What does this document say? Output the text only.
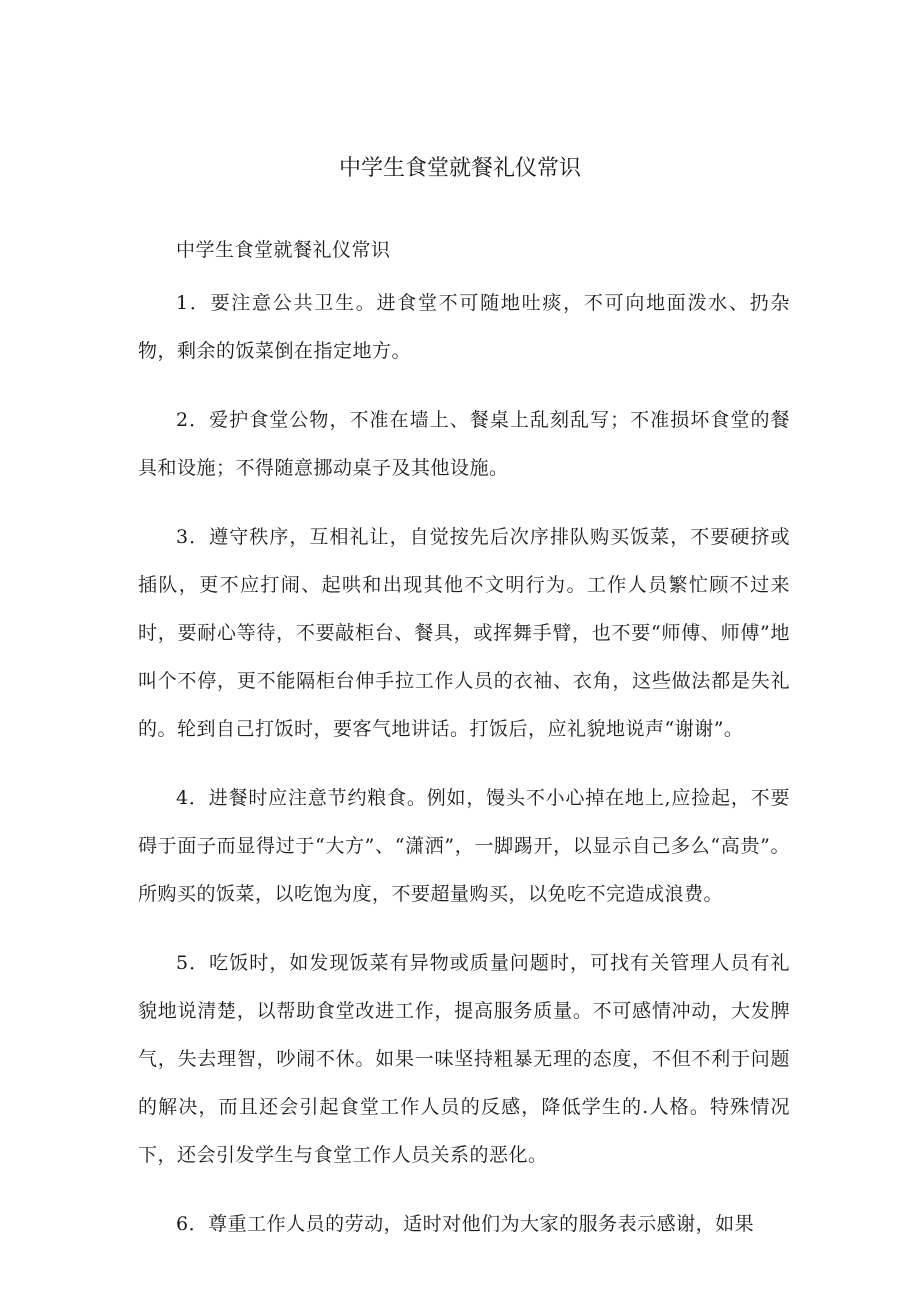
中学生食堂就餐礼仪常识

中学生食堂就餐礼仪常识

1．要注意公共卫生。进食堂不可随地吐痰，不可向地面泼水、扔杂物，剩余的饭菜倒在指定地方。

2．爱护食堂公物，不准在墙上、餐桌上乱刻乱写；不准损坏食堂的餐具和设施；不得随意挪动桌子及其他设施。

3．遵守秩序，互相礼让，自觉按先后次序排队购买饭菜，不要硬挤或插队，更不应打闹、起哄和出现其他不文明行为。工作人员繁忙顾不过来时，要耐心等待，不要敲柜台、餐具，或挥舞手臂，也不要“师傅、师傅”地叫个不停，更不能隔柜台伸手拉工作人员的衣袖、衣角，这些做法都是失礼的。轮到自己打饭时，要客气地讲话。打饭后，应礼貌地说声“谢谢”。

4．进餐时应注意节约粮食。例如，馒头不小心掉在地上,应捡起，不要碍于面子而显得过于“大方”、“潇洒”，一脚踢开，以显示自己多么“高贵”。所购买的饭菜，以吃饱为度，不要超量购买，以免吃不完造成浪费。

5．吃饭时，如发现饭菜有异物或质量问题时，可找有关管理人员有礼貌地说清楚，以帮助食堂改进工作，提高服务质量。不可感情冲动，大发脾气，失去理智，吵闹不休。如果一味坚持粗暴无理的态度，不但不利于问题的解决，而且还会引起食堂工作人员的反感，降低学生的.人格。特殊情况下，还会引发学生与食堂工作人员关系的恶化。

6．尊重工作人员的劳动，适时对他们为大家的服务表示感谢，如果
